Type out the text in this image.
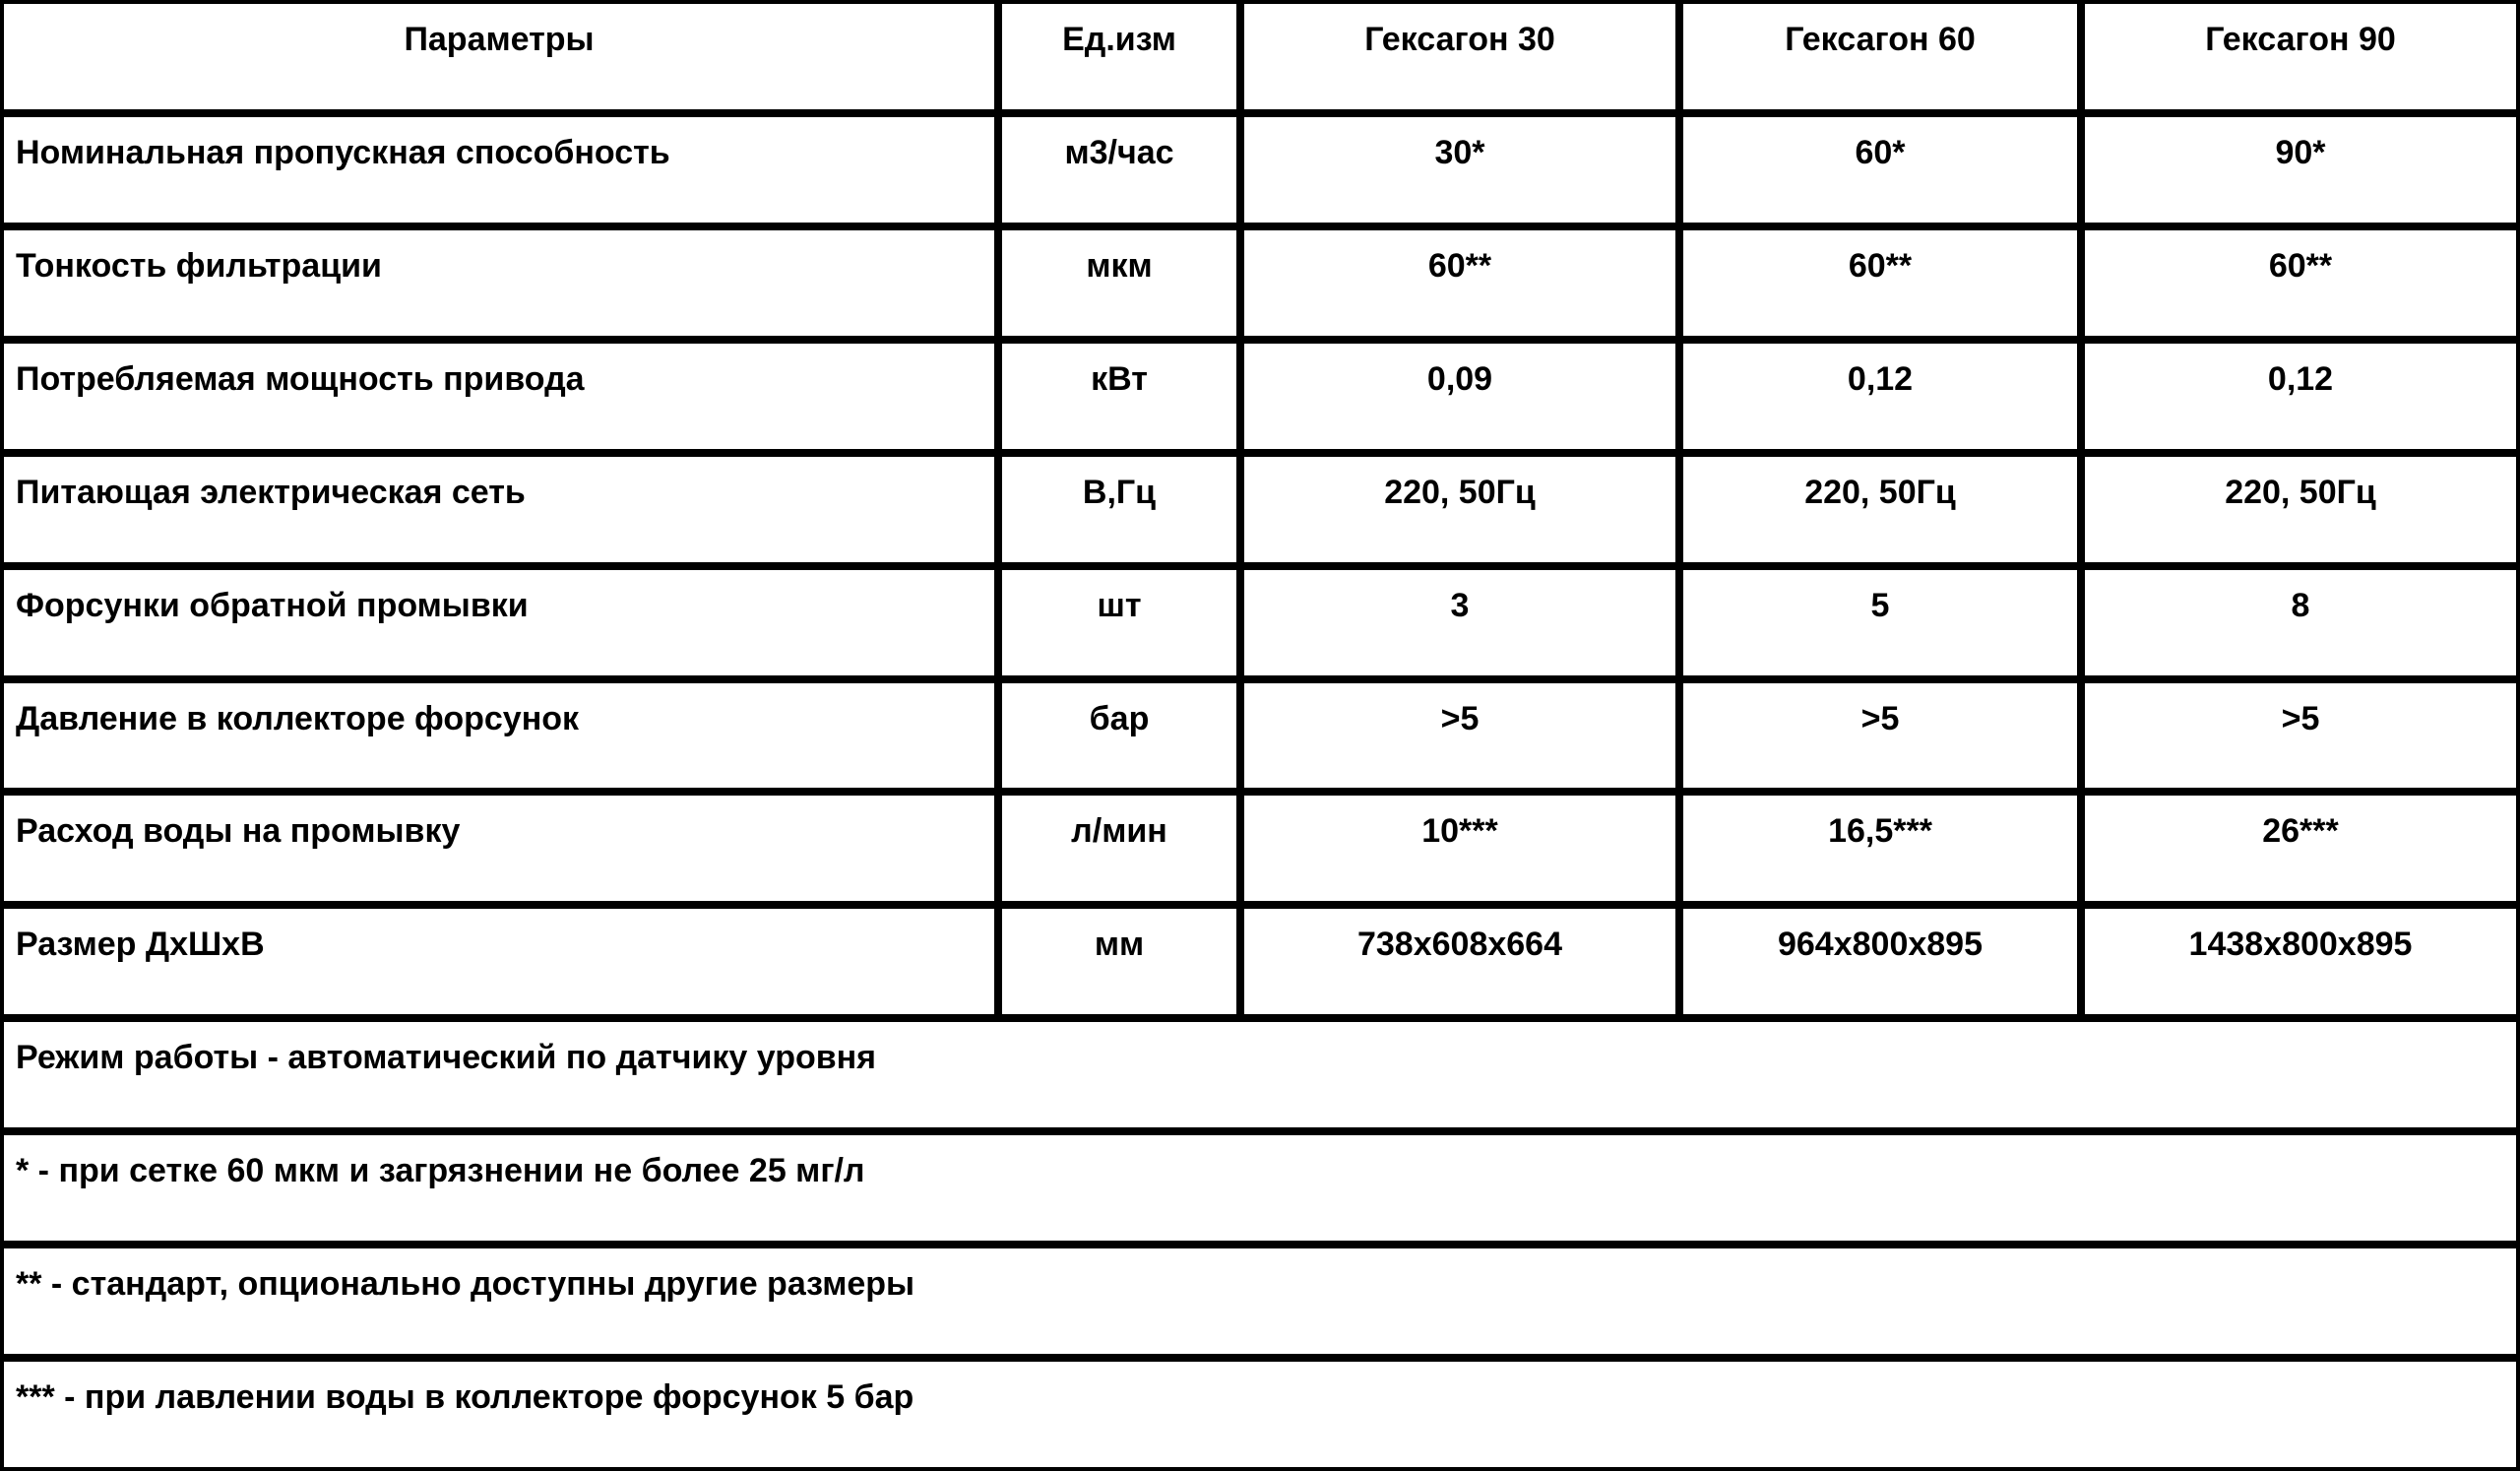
Параметры	Ед.изм	Гексагон 30	Гексагон 60	Гексагон 90
Номинальная пропускная способность	м3/час	30*	60*	90*
Тонкость фильтрации	мкм	60**	60**	60**
Потребляемая мощность привода	кВт	0,09	0,12	0,12
Питающая электрическая сеть	В,Гц	220, 50Гц	220, 50Гц	220, 50Гц
Форсунки обратной промывки	шт	3	5	8
Давление в коллекторе форсунок	бар	>5	>5	>5
Расход воды на промывку	л/мин	10***	16,5***	26***
Размер ДхШхВ	мм	738x608x664	964x800x895	1438x800x895
Режим работы - автоматический по датчику уровня				
* - при сетке 60 мкм и загрязнении не более 25 мг/л				
** - стандарт, опционально доступны другие размеры				
*** - при лавлении воды в коллекторе форсунок 5 бар				
